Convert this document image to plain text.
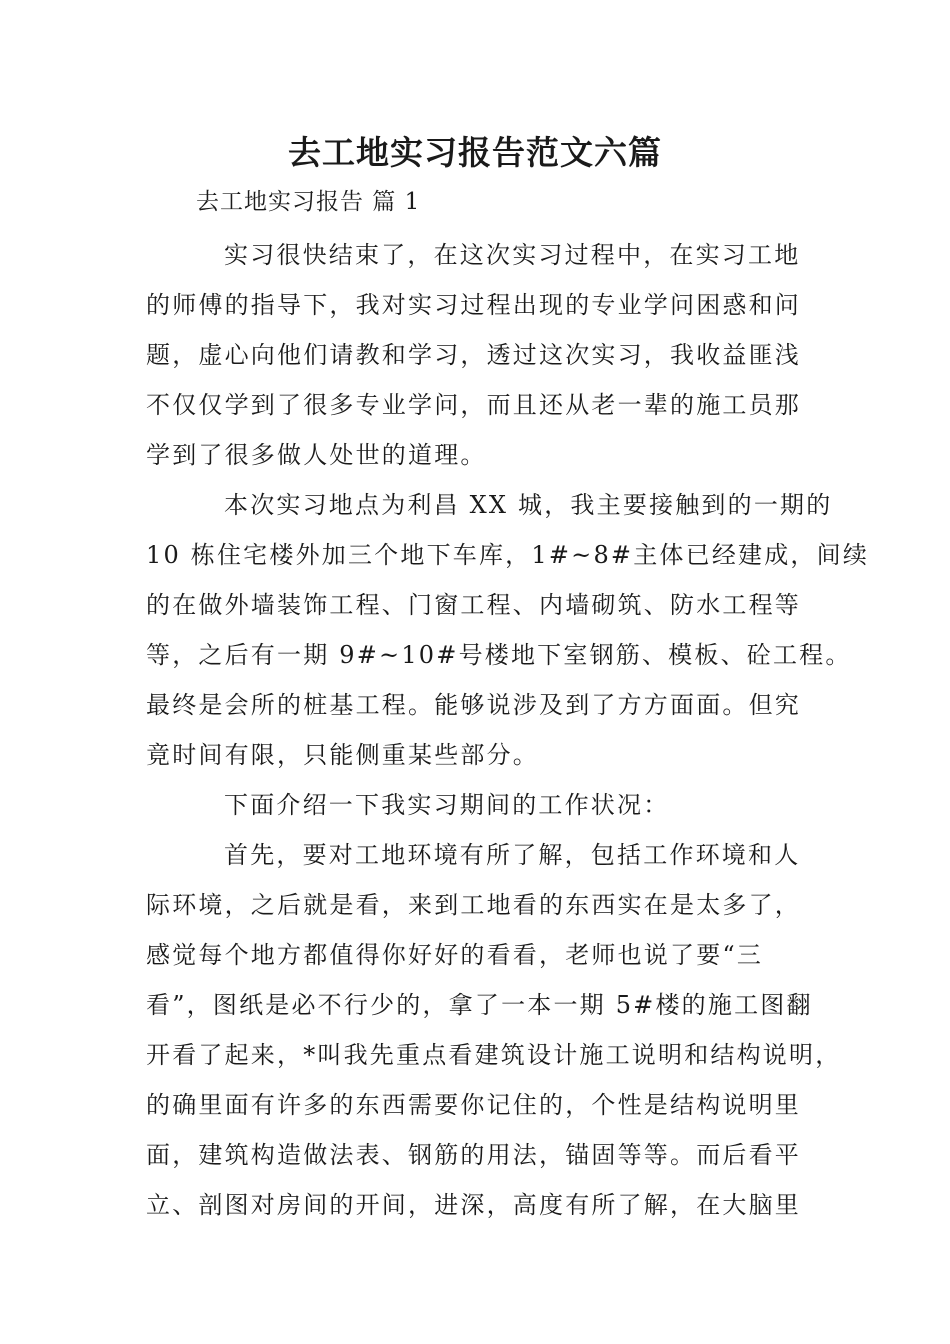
去工地实习报告范文六篇

去工地实习报告 篇 1

实习很快结束了，在这次实习过程中，在实习工地
的师傅的指导下，我对实习过程出现的专业学问困惑和问
题，虚心向他们请教和学习，透过这次实习，我收益匪浅
不仅仅学到了很多专业学问，而且还从老一辈的施工员那
学到了很多做人处世的道理。

本次实习地点为利昌 XX 城，我主要接触到的一期的
10 栋住宅楼外加三个地下车库，1#~8#主体已经建成，间续
的在做外墙装饰工程、门窗工程、内墙砌筑、防水工程等
等，之后有一期 9#~10#号楼地下室钢筋、模板、砼工程。
最终是会所的桩基工程。能够说涉及到了方方面面。但究
竟时间有限，只能侧重某些部分。

下面介绍一下我实习期间的工作状况：

首先，要对工地环境有所了解，包括工作环境和人
际环境，之后就是看，来到工地看的东西实在是太多了，
感觉每个地方都值得你好好的看看，老师也说了要“三
看”，图纸是必不行少的，拿了一本一期 5#楼的施工图翻
开看了起来，*叫我先重点看建筑设计施工说明和结构说明，
的确里面有许多的东西需要你记住的，个性是结构说明里
面，建筑构造做法表、钢筋的用法，锚固等等。而后看平
立、剖图对房间的开间，进深，高度有所了解，在大脑里
